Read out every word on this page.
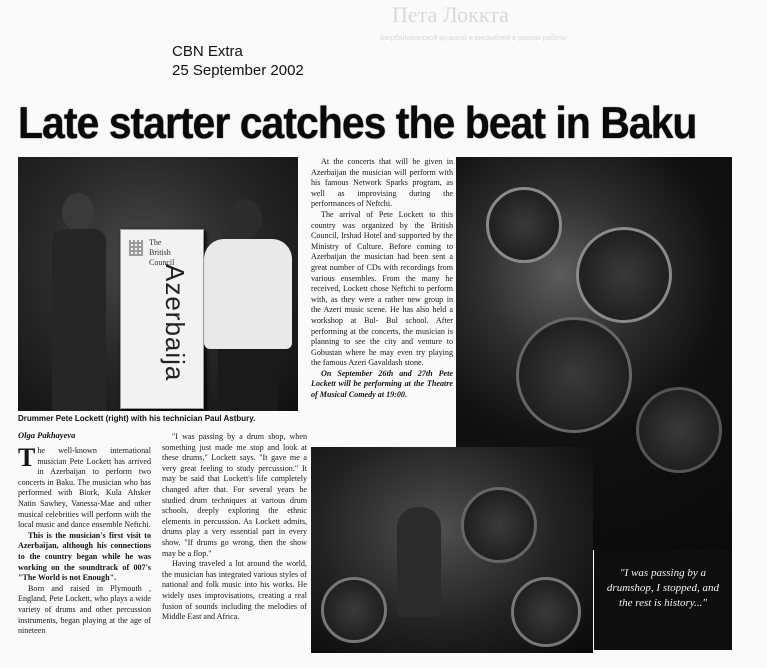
Пета Локкта
азербайджанской музыкой и ансамблей в рамках работы
CBN Extra
25 September 2002
Late starter catches the beat in Baku
The
British
Council
Azerbaija
Drummer Pete Lockett (right) with his technician Paul Astbury.
Olga Pakhayeva

The well-known international musician Pete Lockett has arrived in Azerbaijan to perform two concerts in Baku. The musician who has performed with Biork, Kula Ahsker Natin Sawhey, Vanessa-Mae and other musical celebrities will perform with the local music and dance ensemble Neftchi.

This is the musician's first visit to Azerbaijan, although his connections to the country began while he was working on the soundtrack of 007's "The World is not Enough".

Born and raised in Plymouth , England, Pete Lockett, who plays a wide variety of drums and other percussion instruments, began playing at the age of nineteen

"I was passing by a drum shop, when something just made me stop and look at these drums," Lockett says. "It gave me a very great feeling to study percussion." It may be said that Lockett's life completely changed after that. For several years he studied drum techniques at various drum schools, deeply exploring the ethnic elements in percussion. As Lockett admits, drums play a very essential part in every show. "If drums go wrong, then the show may be a flop."

Having traveled a lot around the world, the musician has integrated various styles of national and folk music into his works. He widely uses improvisations, creating a real fusion of sounds including the melodies of Middle East and Africa.

At the concerts that will be given in Azerbaijan the musician will perform with his famous Network Sparks program, as well as improvising during the performances of Neftchi.

The arrival of Pete Lockett to this country was organized by the British Council, Irshad Hotel and supported by the Ministry of Culture. Before coming to Azerbaijan the musician had been sent a great number of CDs with recordings from various ensembles. From the many he received, Lockett chose Neftchi to perform with, as they were a rather new group in the Azeri music scene. He has also held a workshop at Bul- Bul school. After performing at the concerts, the musician is planning to see the city and venture to Gobustan where he may even try playing the famous Azeri Gavaldash stone.

On September 26th and 27th Pete Lockett will be performing at the Theatre of Musical Comedy at 19:00.

"I was passing by a drumshop, I stopped, and the rest is history..."
